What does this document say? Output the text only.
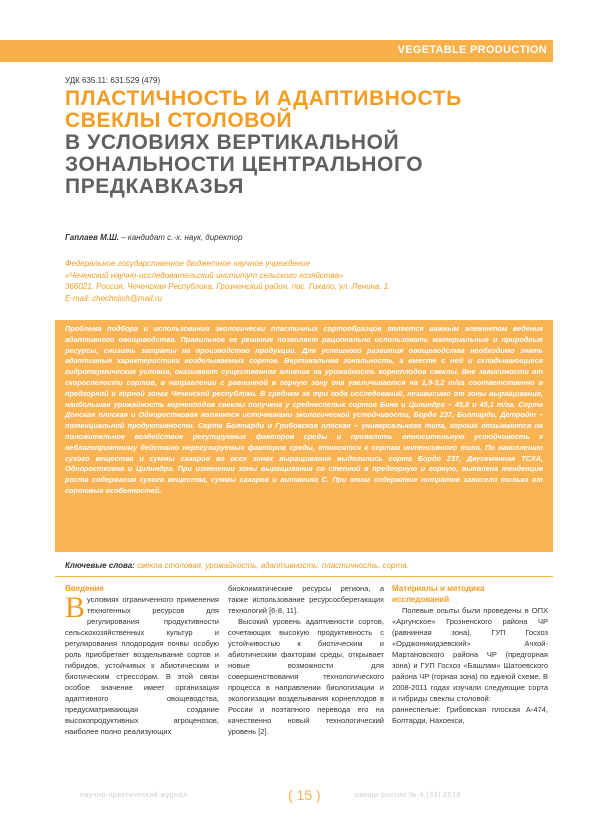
VEGETABLE PRODUCTION
УДК 635.11: 631.529 (479)
ПЛАСТИЧНОСТЬ И АДАПТИВНОСТЬ
СВЕКЛЫ СТОЛОВОЙ
В УСЛОВИЯХ ВЕРТИКАЛЬНОЙ
ЗОНАЛЬНОСТИ ЦЕНТРАЛЬНОГО
ПРЕДКАВКАЗЬЯ
Гаплаев М.Ш. – кандидат с.-х. наук, директор
Федеральное государственное бюджетное научное учреждение
«Чеченский научно-исследовательский институт сельского хозяйства»
366021, Россия, Чеченская Республика, Грозненский район, пос. Гикало, ул. Ленина, 1
E-mail: chechniish@mail.ru

Проблема подбора и использования экологически пластичных сортообразцов является важным элементом ведения адаптивного овощеводства. Правильное ее решение позволяет рационально использовать материальные и природные ресурсы, снизить затраты на производство продукции. Для успешного развития овощеводства необходимо знать адаптивные характеристики возделываемых сортов. Вертикальная зональность, а вместе с ней и складывающиеся гидротермические условия, оказывают существенное влияние на урожайность корнеплодов свеклы. Вне зависимости от скороспелости сортов, в направлении с равнинной в горную зону она увеличивается на 1,9-3,2 т/га соответственно в предгорной и горной зонах Чеченской республики. В среднем за три года исследований, независимо от зоны выращивания, наибольшая урожайность корнеплодов свеклы получена у среднеспелых сортов Бона и Цилиндра – 45,8 и 45,1 т/га. Сорта Донская плоская и Одноростковая являются источниками экологической устойчивости, Бордо 237, Болтарди, Детройт – потенциальной продуктивности. Сорта Болтарди и Грибовская плоская – универсального типа, хорошо отзываются на положительное воздействие регулируемых факторов среды и проявлять относительную устойчивость к неблагоприятному действию нерегулируемых факторов среды, относятся к сортам интенсивного типа. По накоплению сухого вещества и суммы сахаров во всех зонах выращивания выделились сорта Бордо 237, Двусемянная ТСХА, Одноростковая и Цилиндра. При изменении зоны выращивания со степной в предгорную и горную, выявлена тенденция роста содержания сухого вещества, суммы сахаров и витамина С. При этом содержание нитратов зависело только от сортовых особенностей.

Ключевые слова: свекла столовая, урожайность, адаптивность, пластичность, сорта.
Введение

В условиях ограниченного применения техногенных ресурсов для регулирования продуктивности сельскохозяйственных культур и регулирования плодородия почвы особую роль приобретает возделывание сортов и гибридов, устойчивых к абиотическим и биотическим стрессорам. В этой связи особое значение имеет организация адаптивного овощеводства, предусматривающая создание высокопродуктивных агроценозов, наиболее полно реализующих

биоклиматические ресурсы региона, а также использование ресурсосберегающих технологий [6-8, 11].

Высокий уровень адаптивности сортов, сочетающих высокую продуктивность с устойчивостью к биотическим и абиотическим факторам среды, открывает новые возможности для совершенствования технологического процесса в направлении биологизации и экологизации возделывания корнеплодов в России и поэтапного перевода его на качественно новый технологический уровень [2].

Материалы и методика
исследований

Полевые опыты были проведены в ОПХ «Аргунское» Грозненского района ЧР (равнинная зона), ГУП Госхоз «Орджоникидзевский» Ачхой-Мартановского района ЧР (предгорная зона) и ГУП Госхоз «Башлам» Шатоевского района ЧР (горная зона) по единой схеме. В 2008-2011 годах изучали следующие сорта и гибриды свеклы столовой:

раннеспелые: Грибовская плоская А-474, Болтарди, Нахоекси,

научно-практический журнал	( 15 )	овощи россии № 4 (33) 2016
